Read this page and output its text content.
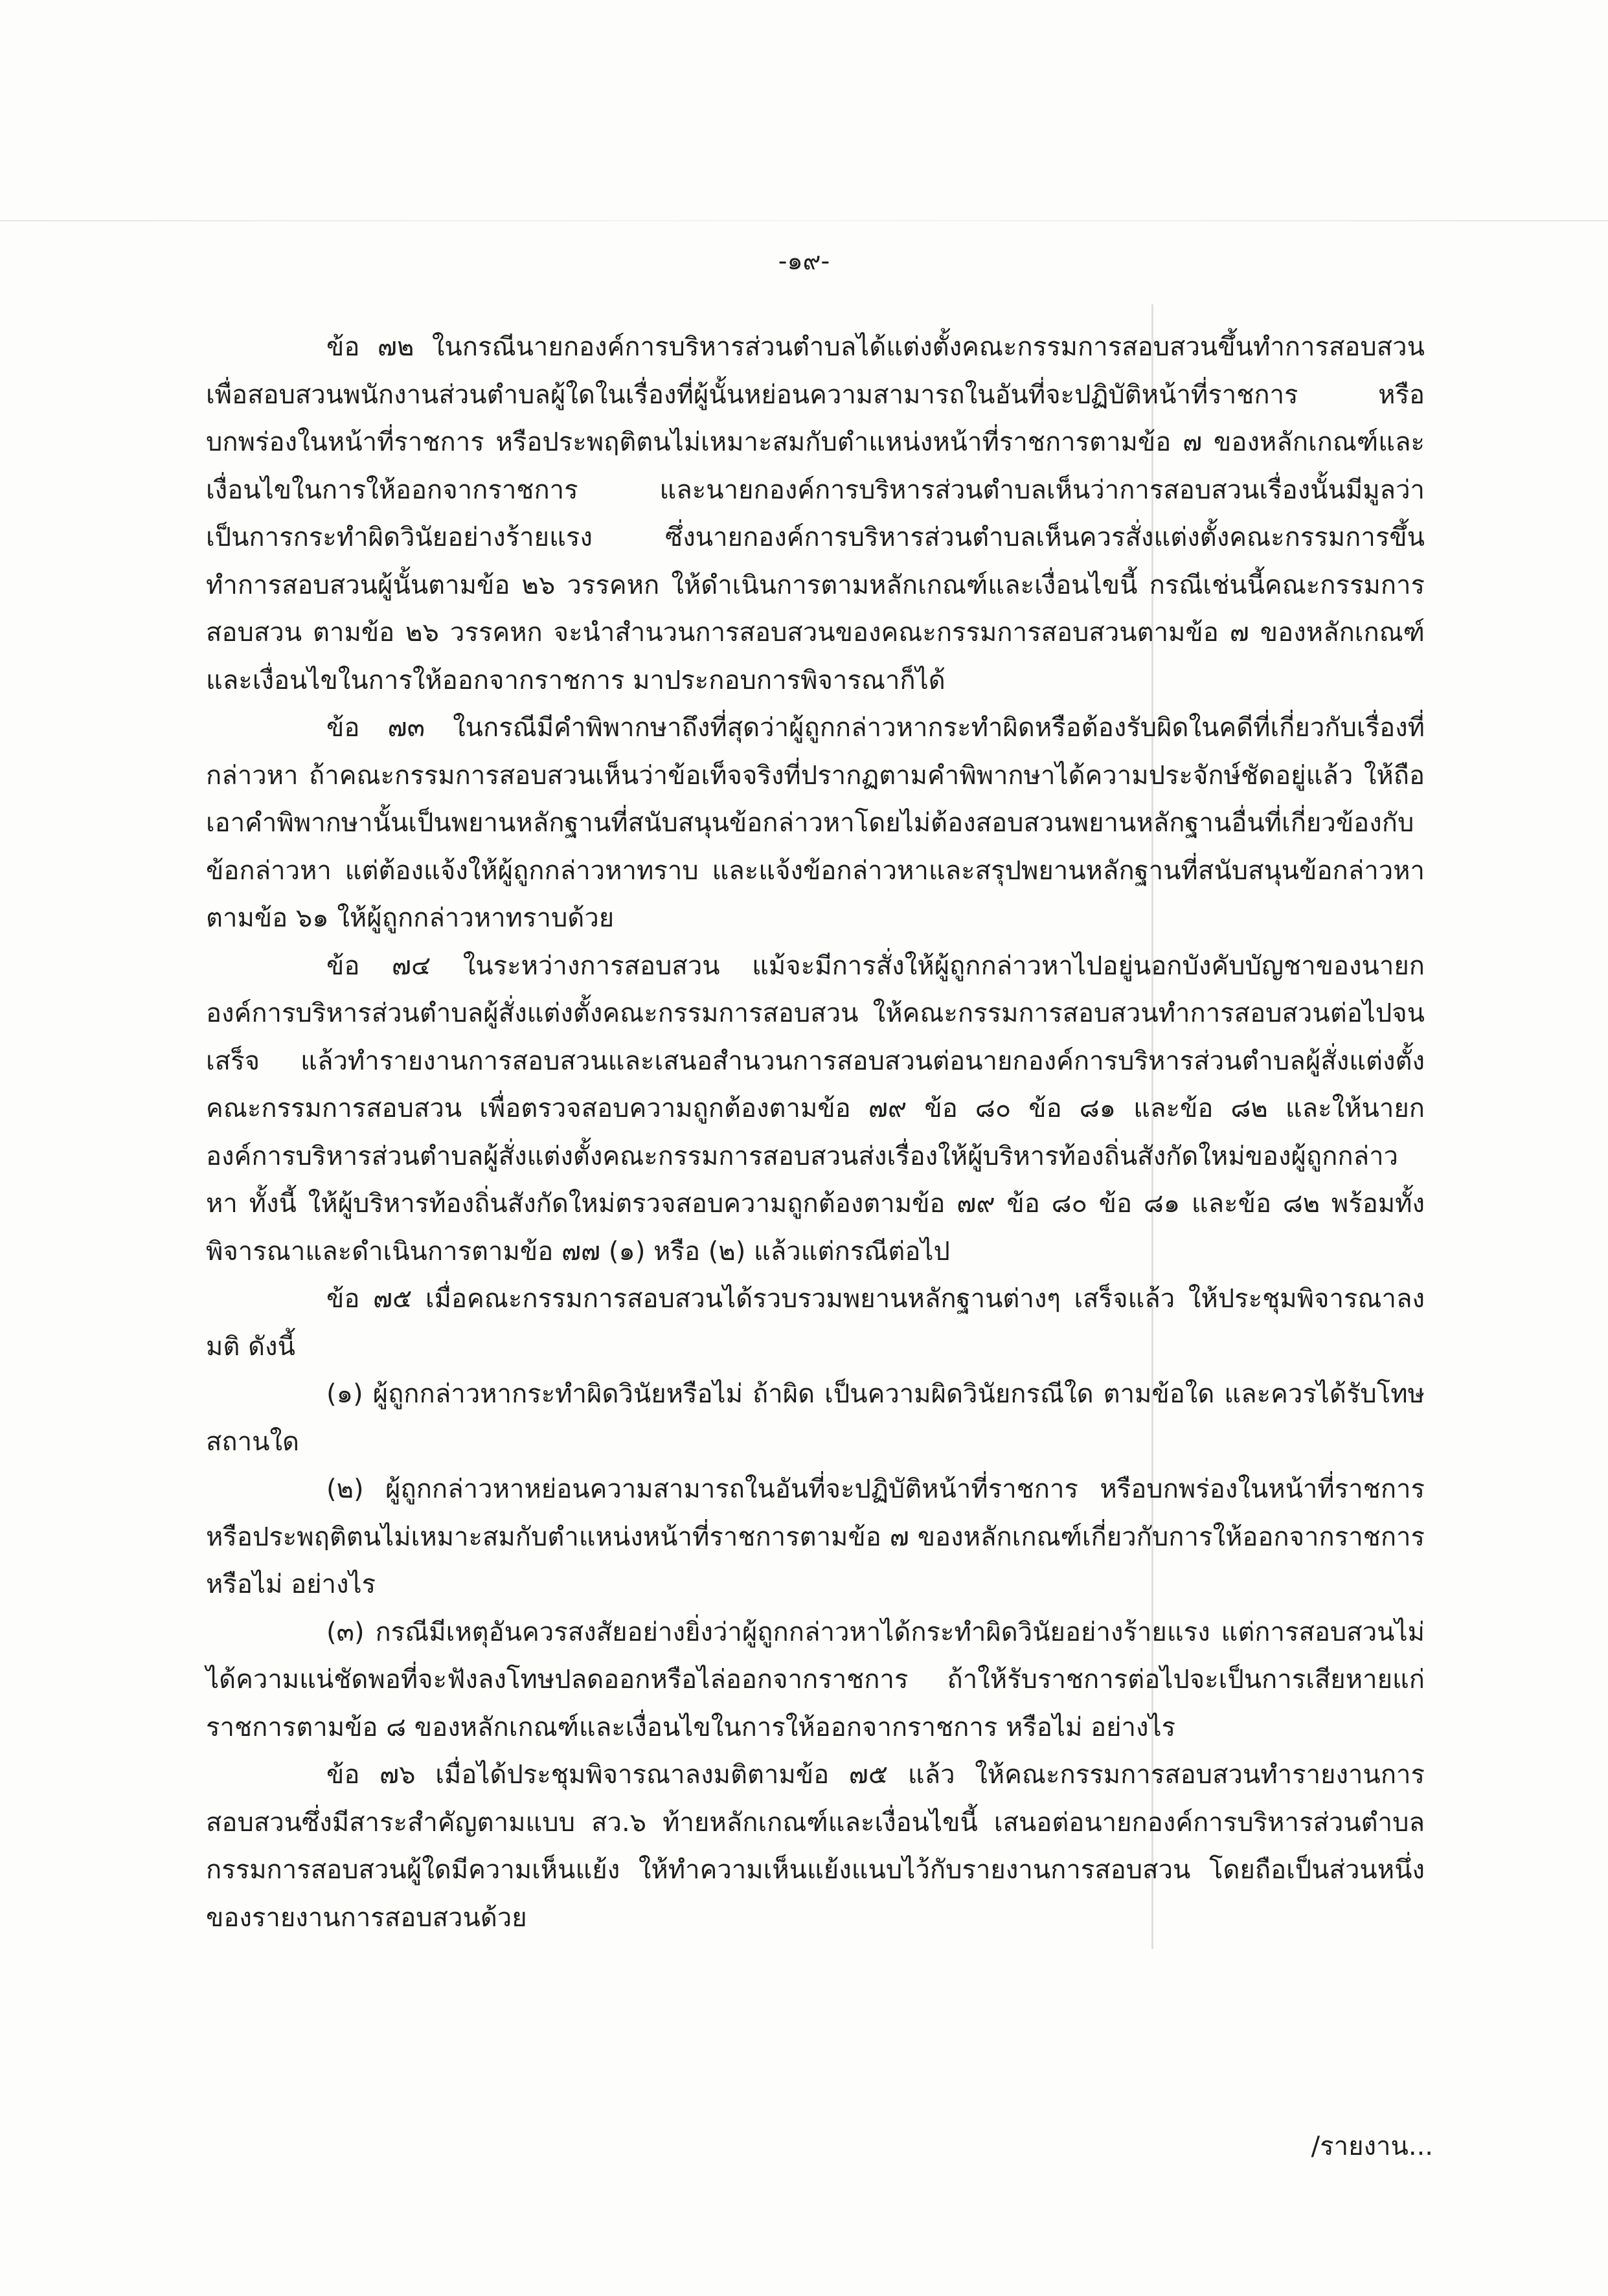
-๑๙-

ข้อ ๗๒ ในกรณีนายกองค์การบริหารส่วนตำบลได้แต่งตั้งคณะกรรมการสอบสวนขึ้นทำการสอบสวนเพื่อสอบสวนพนักงานส่วนตำบลผู้ใดในเรื่องที่ผู้นั้นหย่อนความสามารถในอันที่จะปฏิบัติหน้าที่ราชการ หรือบกพร่องในหน้าที่ราชการ หรือประพฤติตนไม่เหมาะสมกับตำแหน่งหน้าที่ราชการตามข้อ ๗ ของหลักเกณฑ์และเงื่อนไขในการให้ออกจากราชการ และนายกองค์การบริหารส่วนตำบลเห็นว่าการสอบสวนเรื่องนั้นมีมูลว่าเป็นการกระทำผิดวินัยอย่างร้ายแรง ซึ่งนายกองค์การบริหารส่วนตำบลเห็นควรสั่งแต่งตั้งคณะกรรมการขึ้นทำการสอบสวนผู้นั้นตามข้อ ๒๖ วรรคหก ให้ดำเนินการตามหลักเกณฑ์และเงื่อนไขนี้ กรณีเช่นนี้คณะกรรมการสอบสวน ตามข้อ ๒๖ วรรคหก จะนำสำนวนการสอบสวนของคณะกรรมการสอบสวนตามข้อ ๗ ของหลักเกณฑ์และเงื่อนไขในการให้ออกจากราชการ มาประกอบการพิจารณาก็ได้

ข้อ ๗๓ ในกรณีมีคำพิพากษาถึงที่สุดว่าผู้ถูกกล่าวหากระทำผิดหรือต้องรับผิดในคดีที่เกี่ยวกับเรื่องที่กล่าวหา ถ้าคณะกรรมการสอบสวนเห็นว่าข้อเท็จจริงที่ปรากฏตามคำพิพากษาได้ความประจักษ์ชัดอยู่แล้ว ให้ถือเอาคำพิพากษานั้นเป็นพยานหลักฐานที่สนับสนุนข้อกล่าวหาโดยไม่ต้องสอบสวนพยานหลักฐานอื่นที่เกี่ยวข้องกับข้อกล่าวหา แต่ต้องแจ้งให้ผู้ถูกกล่าวหาทราบ และแจ้งข้อกล่าวหาและสรุปพยานหลักฐานที่สนับสนุนข้อกล่าวหาตามข้อ ๖๑ ให้ผู้ถูกกล่าวหาทราบด้วย

ข้อ ๗๔ ในระหว่างการสอบสวน แม้จะมีการสั่งให้ผู้ถูกกล่าวหาไปอยู่นอกบังคับบัญชาของนายกองค์การบริหารส่วนตำบลผู้สั่งแต่งตั้งคณะกรรมการสอบสวน ให้คณะกรรมการสอบสวนทำการสอบสวนต่อไปจนเสร็จ แล้วทำรายงานการสอบสวนและเสนอสำนวนการสอบสวนต่อนายกองค์การบริหารส่วนตำบลผู้สั่งแต่งตั้งคณะกรรมการสอบสวน เพื่อตรวจสอบความถูกต้องตามข้อ ๗๙ ข้อ ๘๐ ข้อ ๘๑ และข้อ ๘๒ และให้นายกองค์การบริหารส่วนตำบลผู้สั่งแต่งตั้งคณะกรรมการสอบสวนส่งเรื่องให้ผู้บริหารท้องถิ่นสังกัดใหม่ของผู้ถูกกล่าวหา ทั้งนี้ ให้ผู้บริหารท้องถิ่นสังกัดใหม่ตรวจสอบความถูกต้องตามข้อ ๗๙ ข้อ ๘๐ ข้อ ๘๑ และข้อ ๘๒ พร้อมทั้งพิจารณาและดำเนินการตามข้อ ๗๗ (๑) หรือ (๒) แล้วแต่กรณีต่อไป

ข้อ ๗๕ เมื่อคณะกรรมการสอบสวนได้รวบรวมพยานหลักฐานต่างๆ เสร็จแล้ว ให้ประชุมพิจารณาลงมติ ดังนี้

(๑) ผู้ถูกกล่าวหากระทำผิดวินัยหรือไม่ ถ้าผิด เป็นความผิดวินัยกรณีใด ตามข้อใด และควรได้รับโทษสถานใด

(๒) ผู้ถูกกล่าวหาหย่อนความสามารถในอันที่จะปฏิบัติหน้าที่ราชการ หรือบกพร่องในหน้าที่ราชการ หรือประพฤติตนไม่เหมาะสมกับตำแหน่งหน้าที่ราชการตามข้อ ๗ ของหลักเกณฑ์เกี่ยวกับการให้ออกจากราชการ หรือไม่ อย่างไร

(๓) กรณีมีเหตุอันควรสงสัยอย่างยิ่งว่าผู้ถูกกล่าวหาได้กระทำผิดวินัยอย่างร้ายแรง แต่การสอบสวนไม่ได้ความแน่ชัดพอที่จะฟังลงโทษปลดออกหรือไล่ออกจากราชการ ถ้าให้รับราชการต่อไปจะเป็นการเสียหายแก่ราชการตามข้อ ๘ ของหลักเกณฑ์และเงื่อนไขในการให้ออกจากราชการ หรือไม่ อย่างไร

ข้อ ๗๖ เมื่อได้ประชุมพิจารณาลงมติตามข้อ ๗๕ แล้ว ให้คณะกรรมการสอบสวนทำรายงานการสอบสวนซึ่งมีสาระสำคัญตามแบบ สว.๖ ท้ายหลักเกณฑ์และเงื่อนไขนี้ เสนอต่อนายกองค์การบริหารส่วนตำบล กรรมการสอบสวนผู้ใดมีความเห็นแย้ง ให้ทำความเห็นแย้งแนบไว้กับรายงานการสอบสวน โดยถือเป็นส่วนหนึ่งของรายงานการสอบสวนด้วย

/รายงาน...
